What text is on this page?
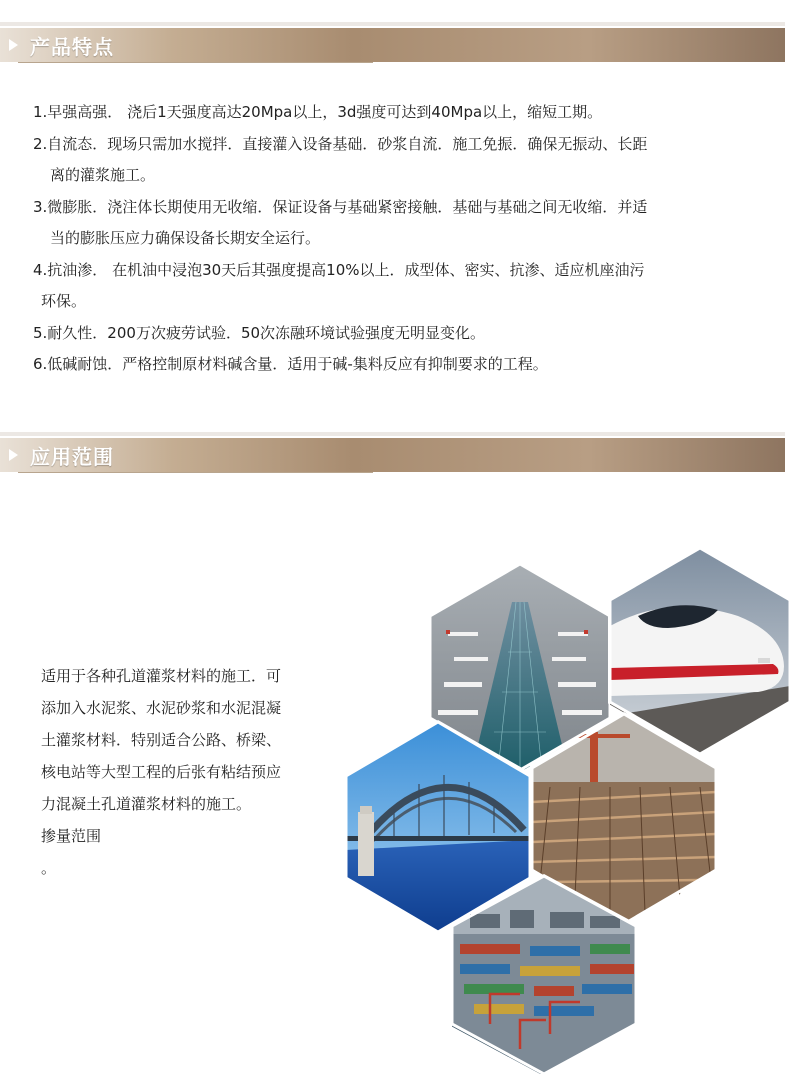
产品特点
1.早强高强． 浇后1天强度高达20Mpa以上，3d强度可达到40Mpa以上，缩短工期。
2.自流态．现场只需加水搅拌．直接灌入设备基础．砂浆自流．施工免振．确保无振动、长距
离的灌浆施工。
3.微膨胀．浇注体长期使用无收缩．保证设备与基础紧密接触．基础与基础之间无收缩．并适
当的膨胀压应力确保设备长期安全运行。
4.抗油渗． 在机油中浸泡30天后其强度提高10%以上．成型体、密实、抗渗、适应机座油污
环保。
5.耐久性．200万次疲劳试验．50次冻融环境试验强度无明显变化。
6.低碱耐蚀．严格控制原材料碱含量．适用于碱-集料反应有抑制要求的工程。
应用范围
适用于各种孔道灌浆材料的施工．可
添加入水泥浆、水泥砂浆和水泥混凝
土灌浆材料．特别适合公路、桥梁、
核电站等大型工程的后张有粘结预应
力混凝土孔道灌浆材料的施工。
掺量范围
。
